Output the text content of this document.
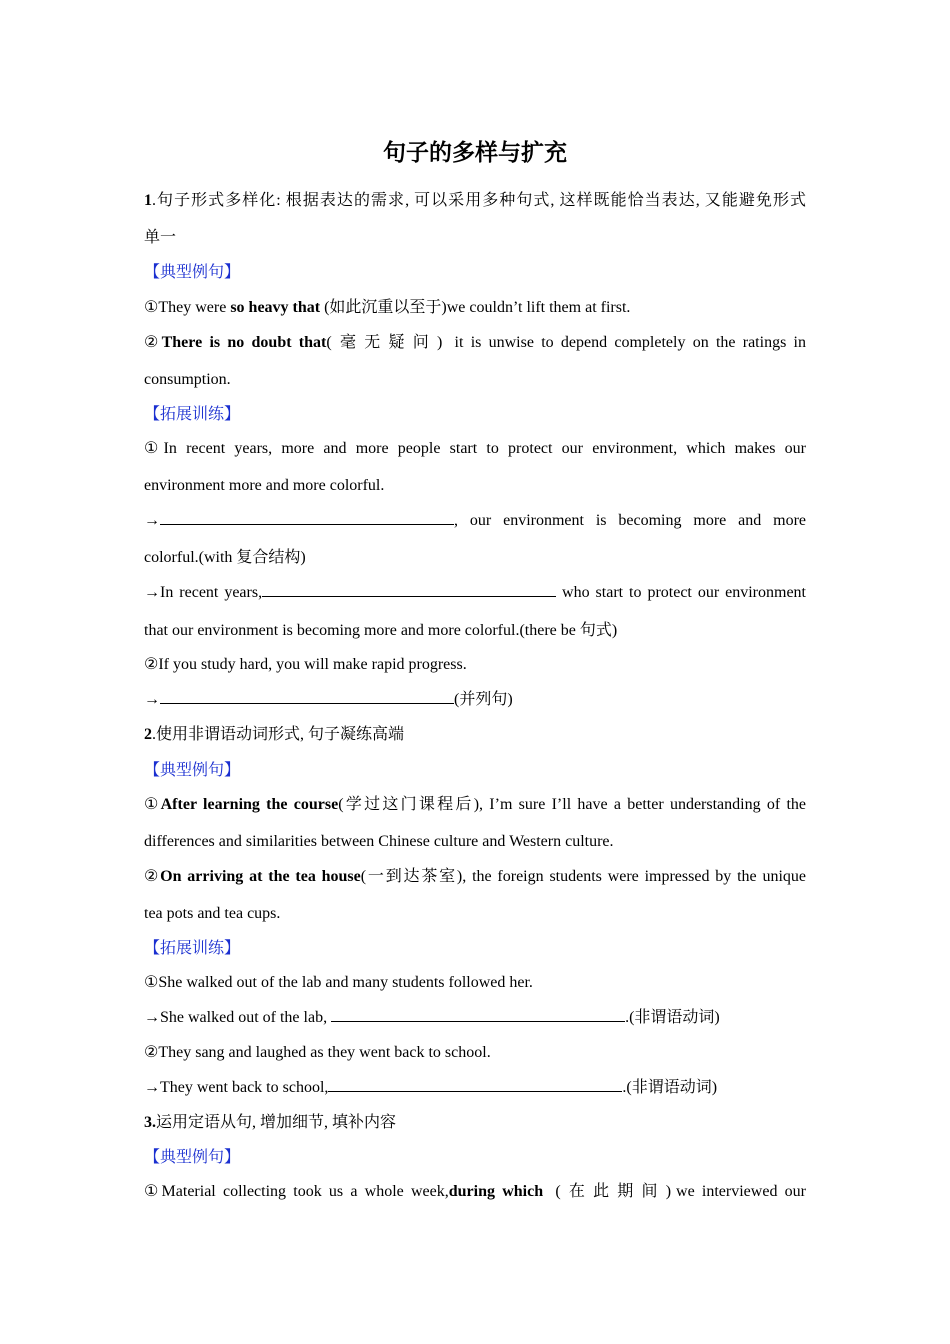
句子的多样与扩充
1.句子形式多样化: 根据表达的需求, 可以采用多种句式, 这样既能恰当表达, 又能避免形式
单一
【典型例句】
①They were so heavy that (如此沉重以至于)we couldn’t lift them at first.
②There is no doubt that(毫无疑问) it is unwise to depend completely on the ratings in
consumption.
【拓展训练】
①In recent years, more and more people start to protect our environment, which makes our
environment more and more colorful.
→	, our environment is becoming more and more
colorful.(with 复合结构)
→In recent years,	who start to protect our environment
that our environment is becoming more and more colorful.(there be 句式)
②If you study hard, you will make rapid progress.
→	(并列句)
2.使用非谓语动词形式, 句子凝练高端
【典型例句】
①After learning the course(学过这门课程后), I’m sure I’ll have a better understanding of the
differences and similarities between Chinese culture and Western culture.
②On arriving at the tea house(一到达茶室), the foreign students were impressed by the unique
tea pots and tea cups.
【拓展训练】
①She walked out of the lab and many students followed her.
→She walked out of the lab,	.(非谓语动词)
②They sang and laughed as they went back to school.
→They went back to school,	.(非谓语动词)
3.运用定语从句, 增加细节, 填补内容
【典型例句】
①Material collecting took us a whole week,during which (在此期间)we interviewed our
